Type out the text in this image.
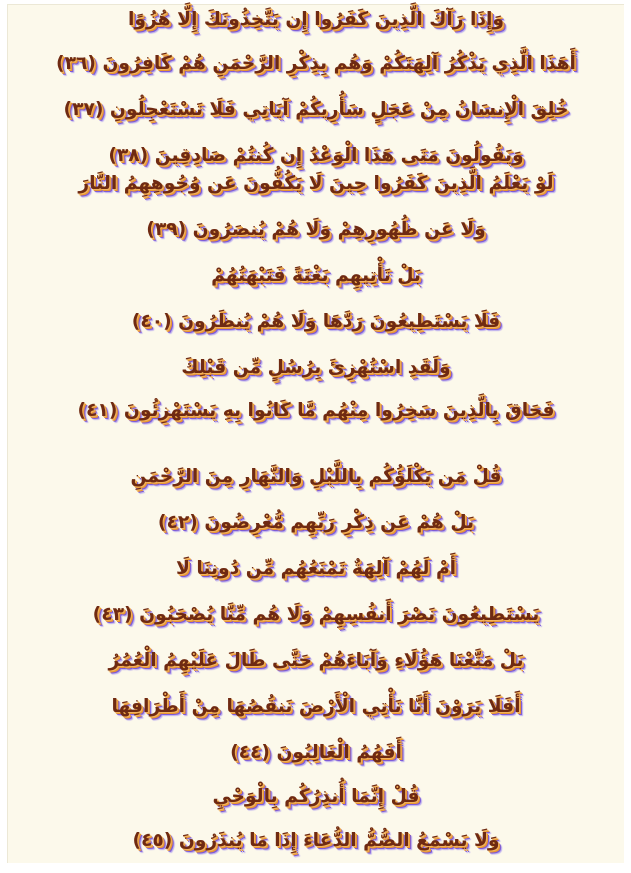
وَإِذَا رَآكَ الَّذِينَ كَفَرُوا إِن يَتَّخِذُونَكَ إِلَّا هُزُوًا
أَهَذَا الَّذِي يَذْكُرُ آلِهَتَكُمْ وَهُم بِذِكْرِ الرَّحْمَنِ هُمْ كَافِرُونَ (٣٦)
خُلِقَ الْإِنسَانُ مِنْ عَجَلٍ سَأُرِيكُمْ آيَاتِي فَلَا تَسْتَعْجِلُونِ (٣٧)
وَيَقُولُونَ مَتَى هَذَا الْوَعْدُ إِن كُنتُمْ صَادِقِينَ (٣٨)
لَوْ يَعْلَمُ الَّذِينَ كَفَرُوا حِينَ لَا يَكُفُّونَ عَن وُجُوهِهِمُ النَّارَ
وَلَا عَن ظُهُورِهِمْ وَلَا هُمْ يُنصَرُونَ (٣٩)
بَلْ تَأْتِيهِم بَغْتَةً فَتَبْهَتُهُمْ
فَلَا يَسْتَطِيعُونَ رَدَّهَا وَلَا هُمْ يُنظَرُونَ (٤٠)
وَلَقَدِ اسْتُهْزِئَ بِرُسُلٍ مِّن قَبْلِكَ
فَحَاقَ بِالَّذِينَ سَخِرُوا مِنْهُم مَّا كَانُوا بِهِ يَسْتَهْزِئُونَ (٤١)
قُلْ مَن يَكْلَؤُكُم بِاللَّيْلِ وَالنَّهَارِ مِنَ الرَّحْمَنِ
بَلْ هُمْ عَن ذِكْرِ رَبِّهِم مُّعْرِضُونَ (٤٢)
أَمْ لَهُمْ آلِهَةٌ تَمْنَعُهُم مِّن دُونِنَا لَا
يَسْتَطِيعُونَ نَصْرَ أَنفُسِهِمْ وَلَا هُم مِّنَّا يُصْحَبُونَ (٤٣)
بَلْ مَتَّعْنَا هَؤُلَاءِ وَآبَاءَهُمْ حَتَّى طَالَ عَلَيْهِمُ الْعُمُرُ
أَفَلَا يَرَوْنَ أَنَّا نَأْتِي الْأَرْضَ نَنقُصُهَا مِنْ أَطْرَافِهَا
أَفَهُمُ الْغَالِبُونَ (٤٤)
قُلْ إِنَّمَا أُنذِرُكُم بِالْوَحْيِ
وَلَا يَسْمَعُ الصُّمُّ الدُّعَاءَ إِذَا مَا يُنذَرُونَ (٤٥)
